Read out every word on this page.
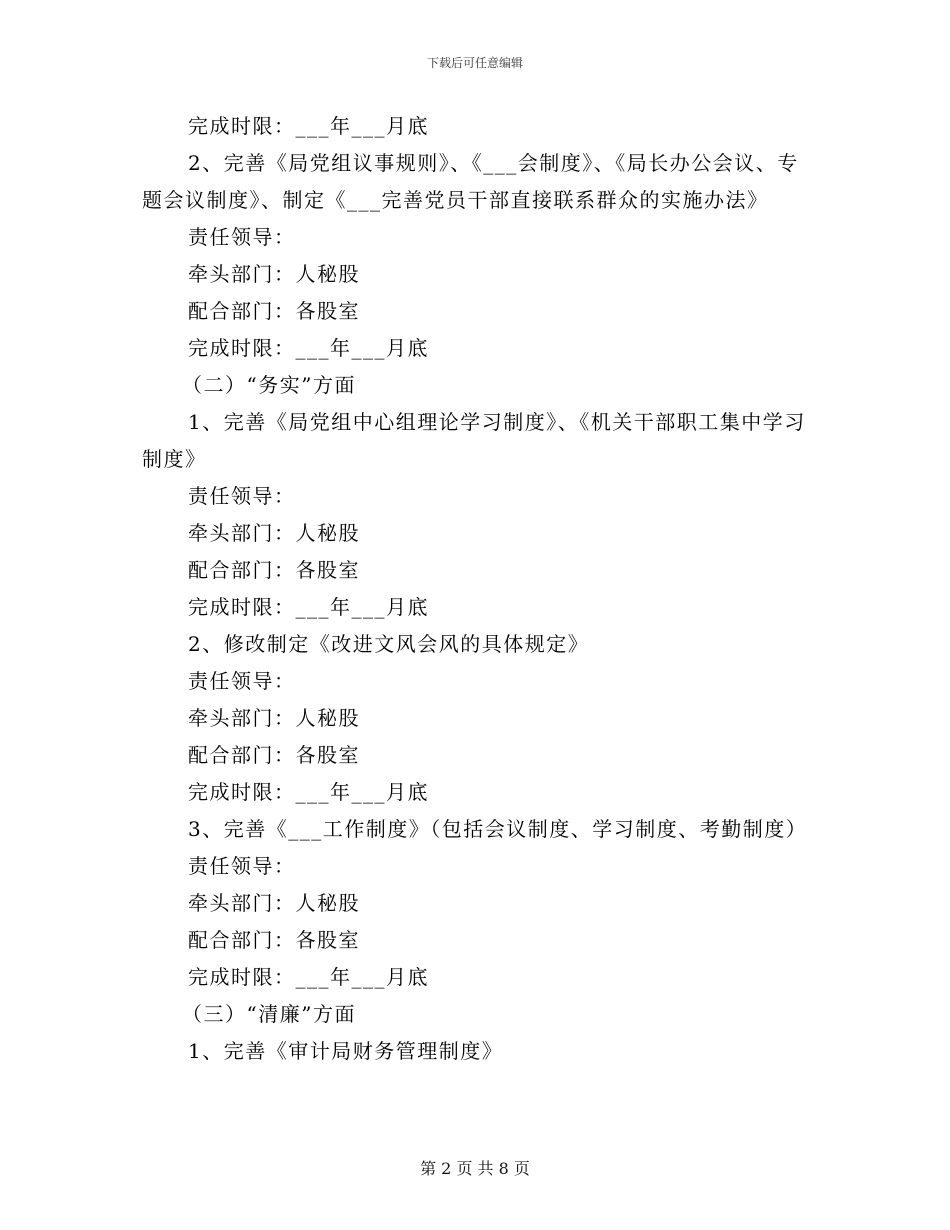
下载后可任意编辑

完成时限：___年___月底

2、完善《局党组议事规则》、《___会制度》、《局长办公会议、专题会议制度》、制定《___完善党员干部直接联系群众的实施办法》

责任领导：

牵头部门：人秘股

配合部门：各股室

完成时限：___年___月底

（二）“务实”方面

1、完善《局党组中心组理论学习制度》、《机关干部职工集中学习制度》

责任领导：

牵头部门：人秘股

配合部门：各股室

完成时限：___年___月底

2、修改制定《改进文风会风的具体规定》

责任领导：

牵头部门：人秘股

配合部门：各股室

完成时限：___年___月底

3、完善《___工作制度》（包括会议制度、学习制度、考勤制度）

责任领导：

牵头部门：人秘股

配合部门：各股室

完成时限：___年___月底

（三）“清廉”方面

1、完善《审计局财务管理制度》

第 2 页 共 8 页
